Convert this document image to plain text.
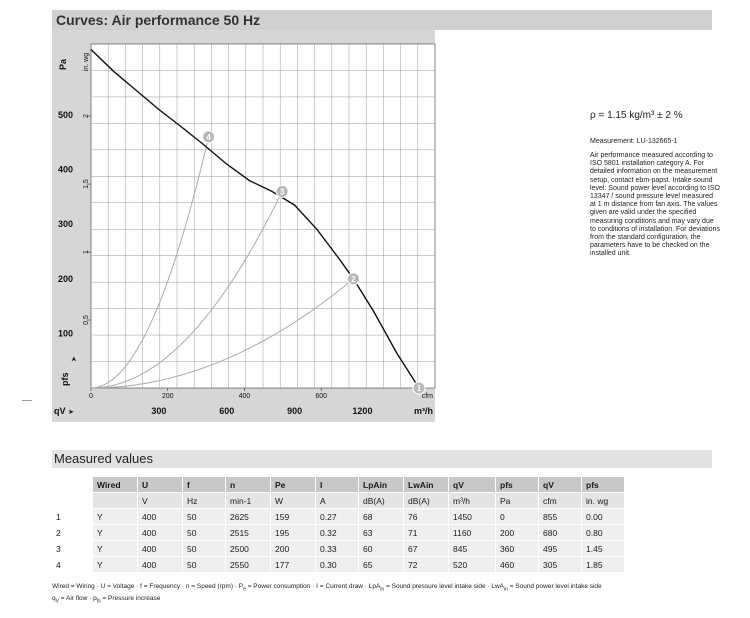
Curves: Air performance 50 Hz
100
200
300
400
500
Pa
pfs
➤
0.5
1
1.5
2
in. wg
0	200	400	600	cfm
300	600	900	1200	m³/h
qV ➤
1
2
3
4
ρ = 1.15 kg/m³ ± 2 %
Measurement: LU-132665-1
Air performance measured according to ISO 5801 installation category A. For detailed information on the measurement setup, contact ebm-papst. Intake sound level: Sound power level according to ISO 13347 / sound pressure level measured at 1 m distance from fan axis. The values given are valid under the specified measuring conditions and may vary due to conditions of installation. For deviations from the standard configuration, the parameters have to be checked on the installed unit.
Measured values
	Wired	U	f	n	Pe	I	LpAin	LwAin	qV	pfs	qV	pfs
		V	Hz	min-1	W	A	dB(A)	dB(A)	m³/h	Pa	cfm	in. wg
1	Y	400	50	2625	159	0.27	68	76	1450	0	855	0.00
2	Y	400	50	2515	195	0.32	63	71	1160	200	680	0.80
3	Y	400	50	2500	200	0.33	60	67	845	360	495	1.45
4	Y	400	50	2550	177	0.30	65	72	520	460	305	1.85
Wired = Wiring · U = Voltage · f = Frequency · n = Speed $(rpm) \cdot P_e$ = Power consumption · I = Current draw · LpA$_{in}$ = Sound pressure level intake side · LwA$_{in}$ = Sound power level intake side
$q_V$ = Air flow · $p_{fs}$ = Pressure increase
